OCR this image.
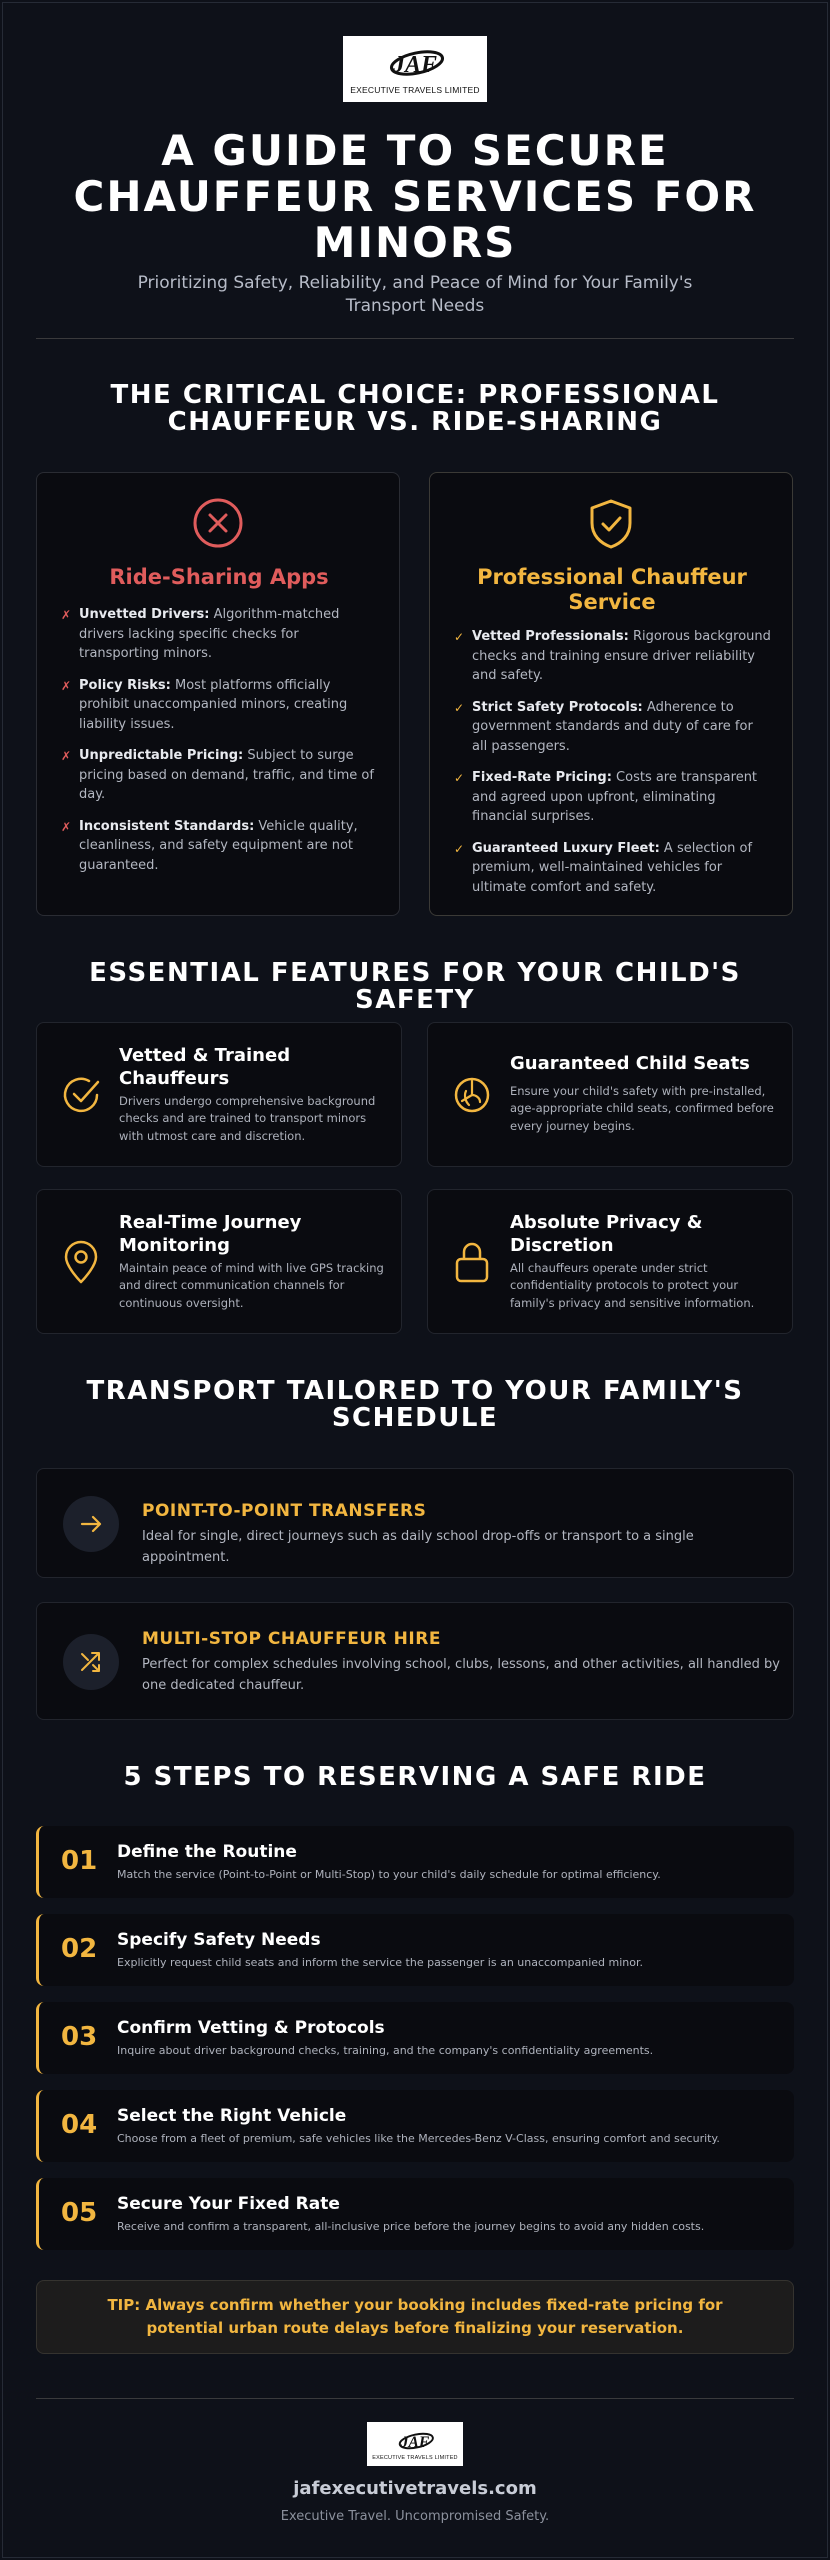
JAF
EXECUTIVE TRAVELS LIMITED
A GUIDE TO SECURE CHAUFFEUR SERVICES FOR MINORS

Prioritizing Safety, Reliability, and Peace of Mind for Your Family's Transport Needs

THE CRITICAL CHOICE: PROFESSIONAL CHAUFFEUR VS. RIDE-SHARING
Ride-Sharing Apps
✗ Unvetted Drivers: Algorithm-matched drivers lacking specific checks for transporting minors.
✗ Policy Risks: Most platforms officially prohibit unaccompanied minors, creating liability issues.
✗ Unpredictable Pricing: Subject to surge pricing based on demand, traffic, and time of day.
✗ Inconsistent Standards: Vehicle quality, cleanliness, and safety equipment are not guaranteed.
Professional Chauffeur Service
✓ Vetted Professionals: Rigorous background checks and training ensure driver reliability and safety.
✓ Strict Safety Protocols: Adherence to government standards and duty of care for all passengers.
✓ Fixed-Rate Pricing: Costs are transparent and agreed upon upfront, eliminating financial surprises.
✓ Guaranteed Luxury Fleet: A selection of premium, well-maintained vehicles for ultimate comfort and safety.
ESSENTIAL FEATURES FOR YOUR CHILD'S SAFETY
Vetted & Trained Chauffeurs
Drivers undergo comprehensive background checks and are trained to transport minors with utmost care and discretion.
Guaranteed Child Seats
Ensure your child's safety with pre-installed, age-appropriate child seats, confirmed before every journey begins.
Real-Time Journey Monitoring
Maintain peace of mind with live GPS tracking and direct communication channels for continuous oversight.
Absolute Privacy & Discretion
All chauffeurs operate under strict confidentiality protocols to protect your family's privacy and sensitive information.
TRANSPORT TAILORED TO YOUR FAMILY'S SCHEDULE
POINT-TO-POINT TRANSFERS
Ideal for single, direct journeys such as daily school drop-offs or transport to a single appointment.
MULTI-STOP CHAUFFEUR HIRE
Perfect for complex schedules involving school, clubs, lessons, and other activities, all handled by one dedicated chauffeur.
5 STEPS TO RESERVING A SAFE RIDE
01 Define the Routine
Match the service (Point-to-Point or Multi-Stop) to your child's daily schedule for optimal efficiency.
02 Specify Safety Needs
Explicitly request child seats and inform the service the passenger is an unaccompanied minor.
03 Confirm Vetting & Protocols
Inquire about driver background checks, training, and the company's confidentiality agreements.
04 Select the Right Vehicle
Choose from a fleet of premium, safe vehicles like the Mercedes-Benz V-Class, ensuring comfort and security.
05 Secure Your Fixed Rate
Receive and confirm a transparent, all-inclusive price before the journey begins to avoid any hidden costs.
TIP: Always confirm whether your booking includes fixed-rate pricing for potential urban route delays before finalizing your reservation.
JAF
EXECUTIVE TRAVELS LIMITED
jafexecutivetravels.com
Executive Travel. Uncompromised Safety.
